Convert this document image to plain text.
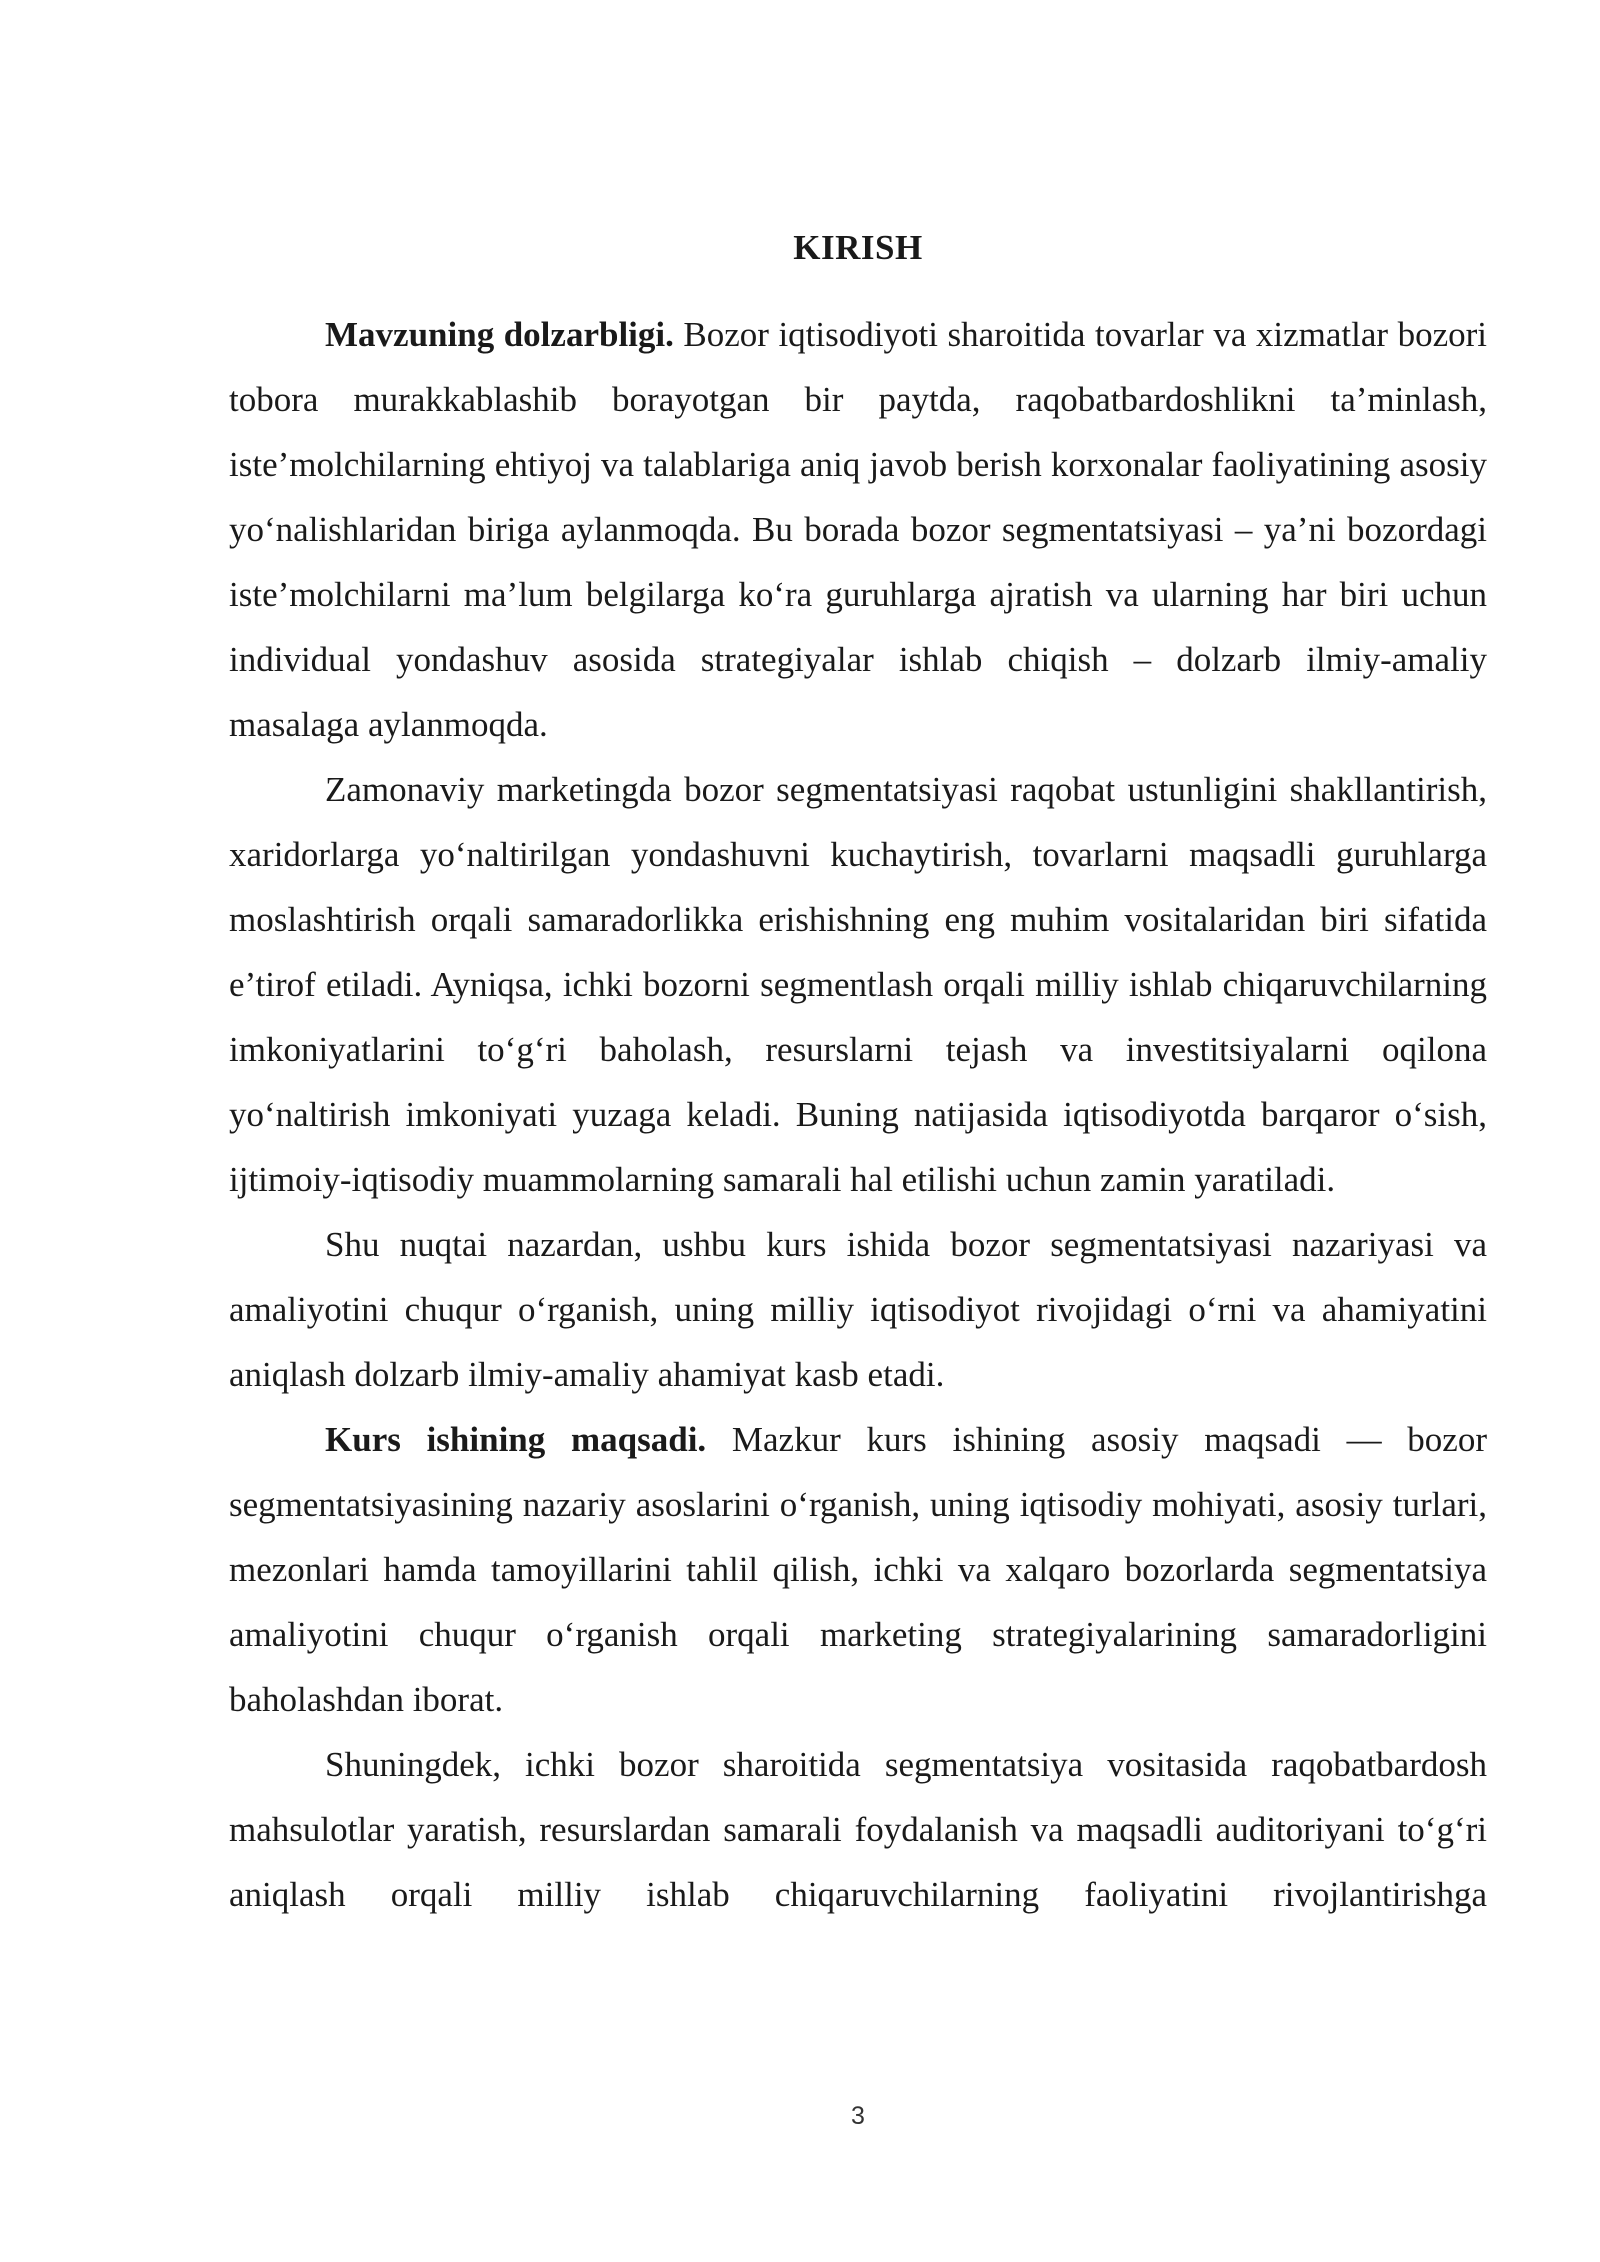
KIRISH

Mavzuning dolzarbligi. Bozor iqtisodiyoti sharoitida tovarlar va xizmatlar bozori tobora murakkablashib borayotgan bir paytda, raqobatbardoshlikni ta’minlash, iste’molchilarning ehtiyoj va talablariga aniq javob berish korxonalar faoliyatining asosiy yo‘nalishlaridan biriga aylanmoqda. Bu borada bozor segmentatsiyasi – ya’ni bozordagi iste’molchilarni ma’lum belgilarga ko‘ra guruhlarga ajratish va ularning har biri uchun individual yondashuv asosida strategiyalar ishlab chiqish – dolzarb ilmiy-amaliy masalaga aylanmoqda.

Zamonaviy marketingda bozor segmentatsiyasi raqobat ustunligini shakllantirish, xaridorlarga yo‘naltirilgan yondashuvni kuchaytirish, tovarlarni maqsadli guruhlarga moslashtirish orqali samaradorlikka erishishning eng muhim vositalaridan biri sifatida e’tirof etiladi. Ayniqsa, ichki bozorni segmentlash orqali milliy ishlab chiqaruvchilarning imkoniyatlarini to‘g‘ri baholash, resurslarni tejash va investitsiyalarni oqilona yo‘naltirish imkoniyati yuzaga keladi. Buning natijasida iqtisodiyotda barqaror o‘sish, ijtimoiy-iqtisodiy muammolarning samarali hal etilishi uchun zamin yaratiladi.

Shu nuqtai nazardan, ushbu kurs ishida bozor segmentatsiyasi nazariyasi va amaliyotini chuqur o‘rganish, uning milliy iqtisodiyot rivojidagi o‘rni va ahamiyatini aniqlash dolzarb ilmiy-amaliy ahamiyat kasb etadi.

Kurs ishining maqsadi. Mazkur kurs ishining asosiy maqsadi — bozor segmentatsiyasining nazariy asoslarini o‘rganish, uning iqtisodiy mohiyati, asosiy turlari, mezonlari hamda tamoyillarini tahlil qilish, ichki va xalqaro bozorlarda segmentatsiya amaliyotini chuqur o‘rganish orqali marketing strategiyalarining samaradorligini baholashdan iborat.

Shuningdek, ichki bozor sharoitida segmentatsiya vositasida raqobatbardosh mahsulotlar yaratish, resurslardan samarali foydalanish va maqsadli auditoriyani to‘g‘ri aniqlash orqali milliy ishlab chiqaruvchilarning faoliyatini rivojlantirishga

3
